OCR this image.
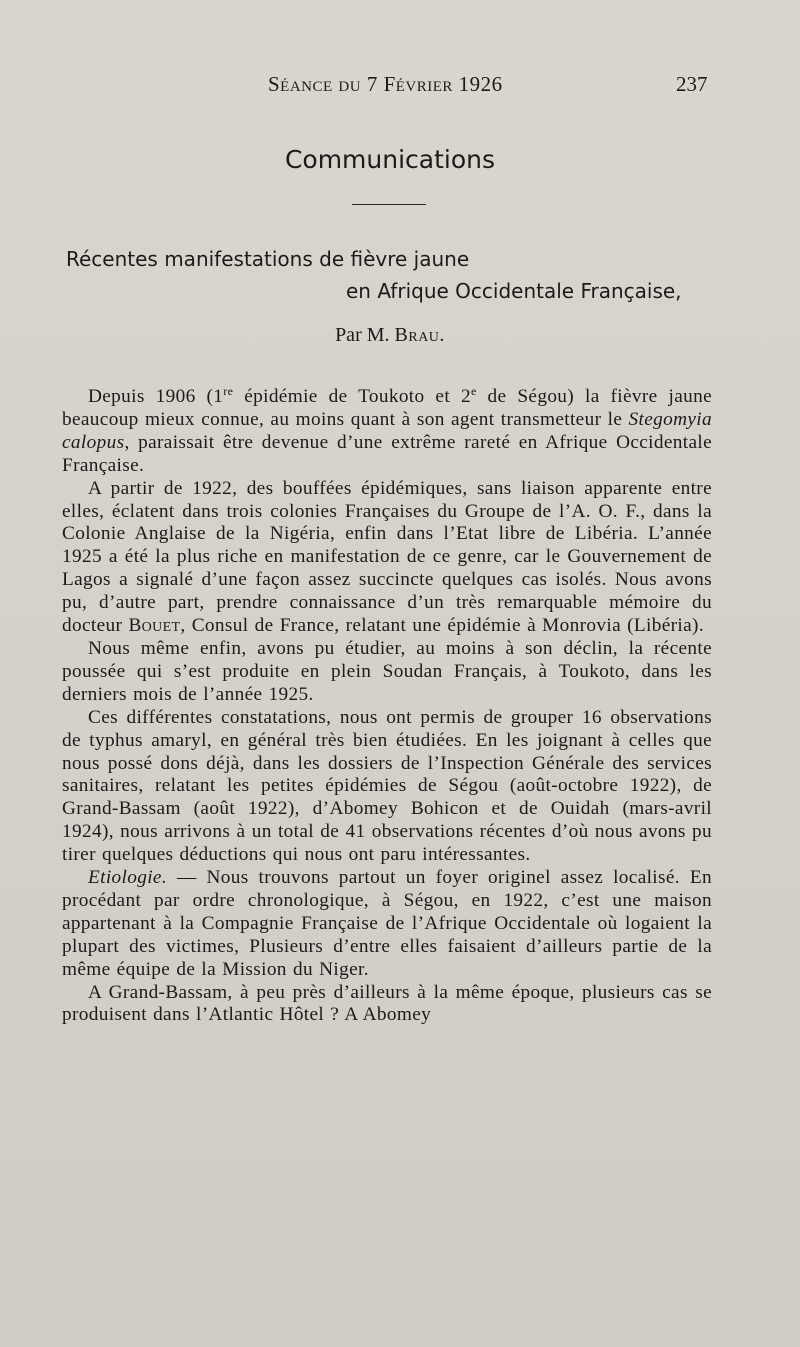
Séance du 7 Février 1926	237
Communications
Récentes manifestations de fièvre jaune
en Afrique Occidentale Française,
Par M. Brau.

Depuis 1906 (1re épidémie de Toukoto et 2e de Ségou) la fièvre jaune beaucoup mieux connue, au moins quant à son agent transmetteur le Stegomyia calopus, paraissait être devenue d’une extrême rareté en Afrique Occidentale Française.

A partir de 1922, des bouffées épidémiques, sans liaison apparente entre elles, éclatent dans trois colonies Françaises du Groupe de l’A. O. F., dans la Colonie Anglaise de la Nigéria, enfin dans l’Etat libre de Libéria. L’année 1925 a été la plus riche en manifestation de ce genre, car le Gouvernement de Lagos a signalé d’une façon assez succincte quelques cas isolés. Nous avons pu, d’autre part, prendre connaissance d’un très remarquable mémoire du docteur Bouet, Consul de France, relatant une épidémie à Monrovia (Libéria).

Nous même enfin, avons pu étudier, au moins à son déclin, la récente poussée qui s’est produite en plein Soudan Français, à Toukoto, dans les derniers mois de l’année 1925.

Ces différentes constatations, nous ont permis de grouper 16 observations de typhus amaryl, en général très bien étudiées. En les joignant à celles que nous possé dons déjà, dans les dossiers de l’Inspection Générale des services sanitaires, relatant les petites épidémies de Ségou (août-octobre 1922), de Grand-Bassam (août 1922), d’Abomey Bohicon et de Ouidah (mars-avril 1924), nous arrivons à un total de 41 observations récentes d’où nous avons pu tirer quelques déductions qui nous ont paru intéressantes.

Etiologie. — Nous trouvons partout un foyer originel assez localisé. En procédant par ordre chronologique, à Ségou, en 1922, c’est une maison appartenant à la Compagnie Française de l’Afrique Occidentale où logaient la plupart des victimes, Plusieurs d’entre elles faisaient d’ailleurs partie de la même équipe de la Mission du Niger.

A Grand-Bassam, à peu près d’ailleurs à la même époque, plusieurs cas se produisent dans l’Atlantic Hôtel ? A Abomey
